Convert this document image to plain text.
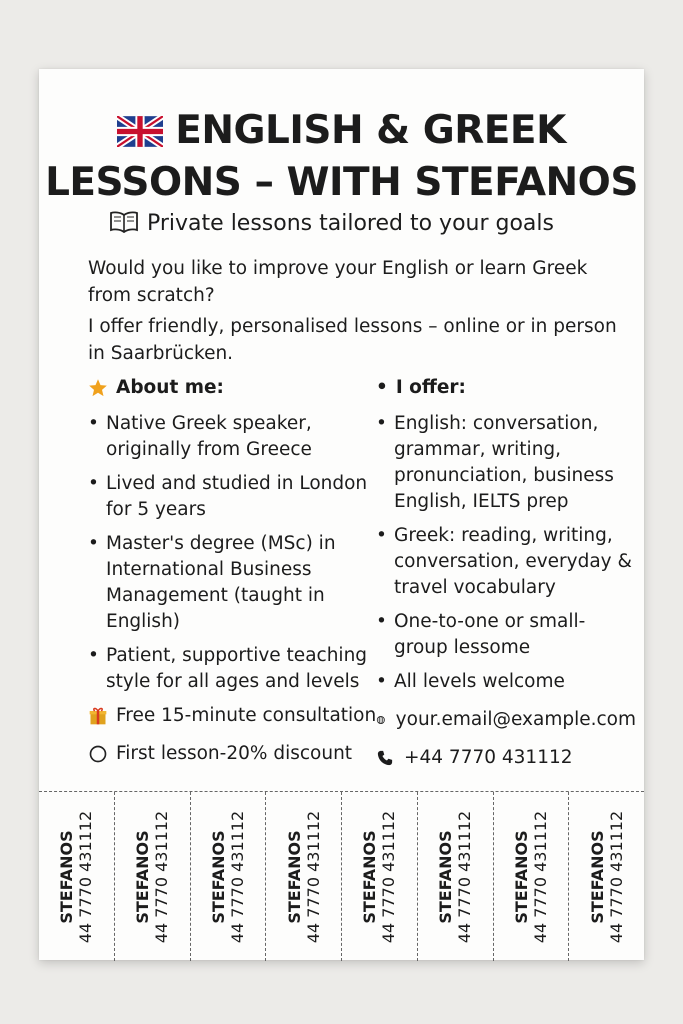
ENGLISH & GREEK
LESSONS – WITH STEFANOS
Private lessons tailored to your goals

Would you like to improve your English or learn Greek from scratch?

I offer friendly, personalised lessons – online or in person in Saarbrücken.

About me:
• Native Greek speaker, originally from Greece
• Lived and studied in London for 5 years
• Master's degree (MSc) in International Business Management (taught in English)
• Patient, supportive teaching style for all ages and levels
Free 15-minute consultation
First lesson-20% discount
• I offer:
• English: conversation, grammar, writing, pronunciation, business English, IELTS prep
• Greek: reading, writing, conversation, everyday & travel vocabulary
• One-to-one or small-group lessome
• All levels welcome
your.email@example.com
+44 7770 431112
STEFANOS 44 7770 431112 STEFANOS 44 7770 431112 STEFANOS 44 7770 431112 STEFANOS 44 7770 431112 STEFANOS 44 7770 431112 STEFANOS 44 7770 431112 STEFANOS 44 7770 431112 STEFANOS 44 7770 431112
